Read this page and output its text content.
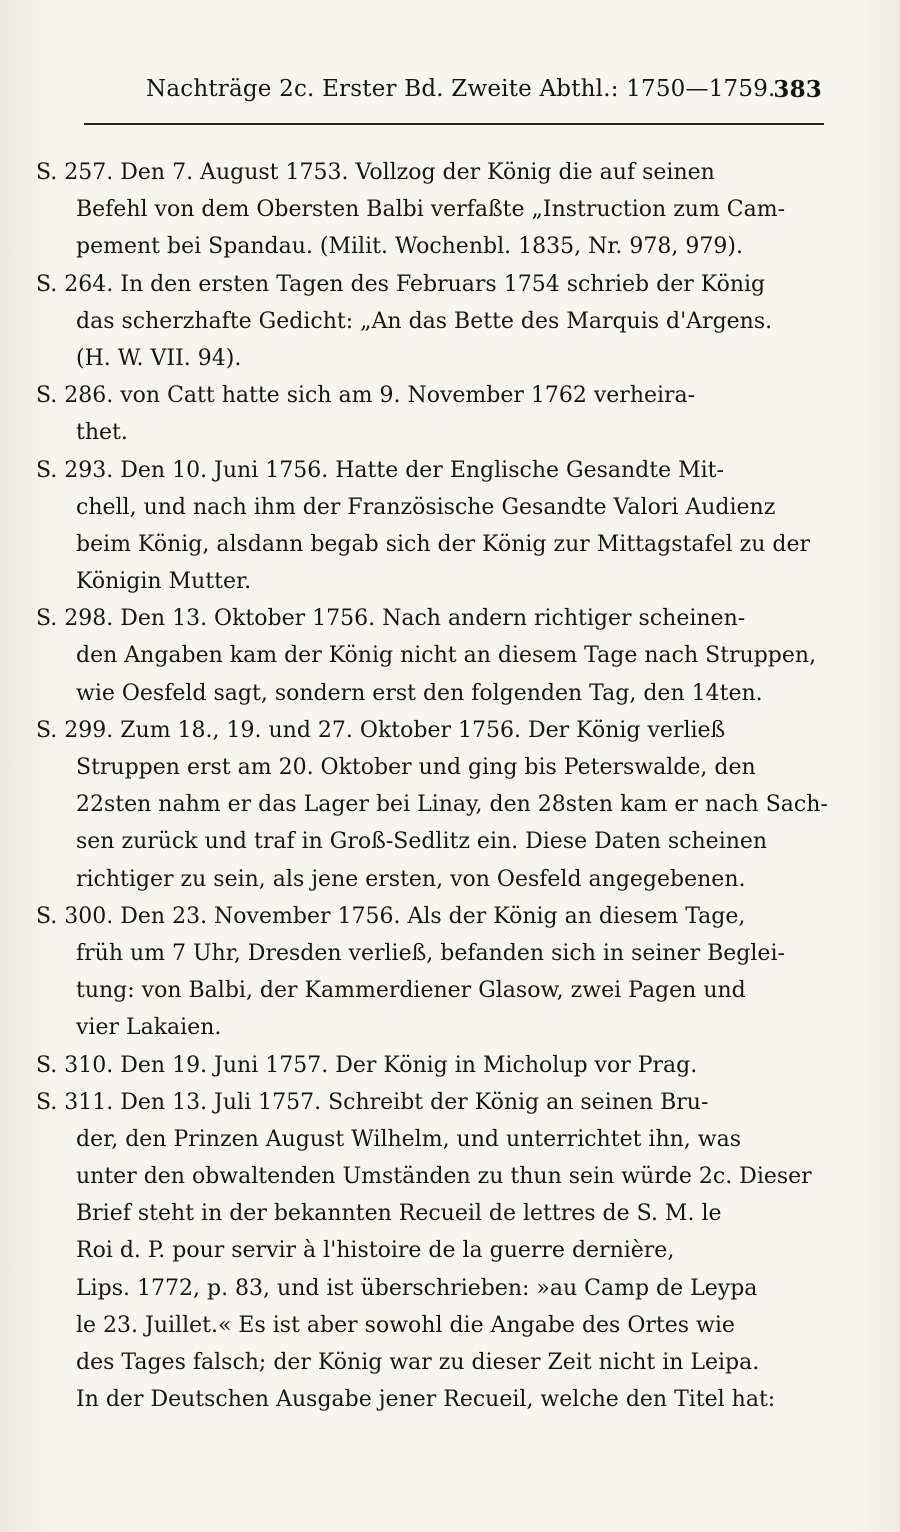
Nachträge 2c. Erster Bd. Zweite Abthl.: 1750—1759.
383

S. 257. Den 7. August 1753. Vollzog der König die auf seinen
Befehl von dem Obersten Balbi verfaßte „Instruction zum Cam-
pement bei Spandau. (Milit. Wochenbl. 1835, Nr. 978, 979).

S. 264. In den ersten Tagen des Februars 1754 schrieb der König
das scherzhafte Gedicht: „An das Bette des Marquis d'Argens.
(H. W. VII. 94).

S. 286. von Catt hatte sich am 9. November 1762 verheira-
thet.

S. 293. Den 10. Juni 1756. Hatte der Englische Gesandte Mit-
chell, und nach ihm der Französische Gesandte Valori Audienz
beim König, alsdann begab sich der König zur Mittagstafel zu der
Königin Mutter.

S. 298. Den 13. Oktober 1756. Nach andern richtiger scheinen-
den Angaben kam der König nicht an diesem Tage nach Struppen,
wie Oesfeld sagt, sondern erst den folgenden Tag, den 14ten.

S. 299. Zum 18., 19. und 27. Oktober 1756. Der König verließ
Struppen erst am 20. Oktober und ging bis Peterswalde, den
22sten nahm er das Lager bei Linay, den 28sten kam er nach Sach-
sen zurück und traf in Groß-Sedlitz ein. Diese Daten scheinen
richtiger zu sein, als jene ersten, von Oesfeld angegebenen.

S. 300. Den 23. November 1756. Als der König an diesem Tage,
früh um 7 Uhr, Dresden verließ, befanden sich in seiner Beglei-
tung: von Balbi, der Kammerdiener Glasow, zwei Pagen und
vier Lakaien.

S. 310. Den 19. Juni 1757. Der König in Micholup vor Prag.

S. 311. Den 13. Juli 1757. Schreibt der König an seinen Bru-
der, den Prinzen August Wilhelm, und unterrichtet ihn, was
unter den obwaltenden Umständen zu thun sein würde 2c. Dieser
Brief steht in der bekannten Recueil de lettres de S. M. le
Roi d. P. pour servir à l'histoire de la guerre dernière,
Lips. 1772, p. 83, und ist überschrieben: »au Camp de Leypa
le 23. Juillet.« Es ist aber sowohl die Angabe des Ortes wie
des Tages falsch; der König war zu dieser Zeit nicht in Leipa.
In der Deutschen Ausgabe jener Recueil, welche den Titel hat:
